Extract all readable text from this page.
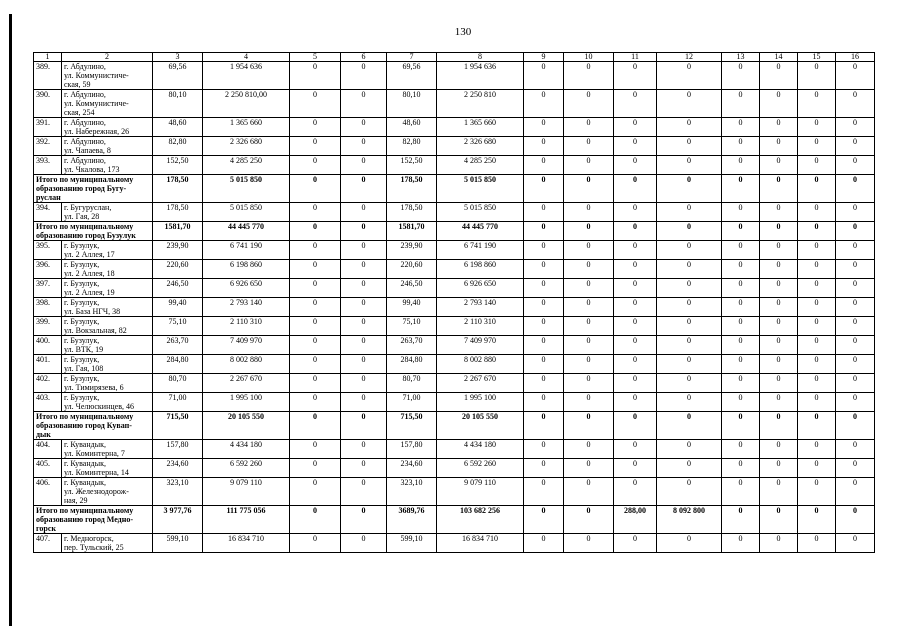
130
1	2	3	4	5	6	7	8	9	10	11	12	13	14	15	16
389.	г. Абдулино,
ул. Коммунистиче-
ская, 59	69,56	1 954 636	0	0	69,56	1 954 636	0	0	0	0	0	0	0	0
390.	г. Абдулино,
ул. Коммунистиче-
ская, 254	80,10	2 250 810,00	0	0	80,10	2 250 810	0	0	0	0	0	0	0	0
391.	г. Абдулино,
ул. Набережная, 26	48,60	1 365 660	0	0	48,60	1 365 660	0	0	0	0	0	0	0	0
392.	г. Абдулино,
ул. Чапаева, 8	82,80	2 326 680	0	0	82,80	2 326 680	0	0	0	0	0	0	0	0
393.	г. Абдулино,
ул. Чкалова, 173	152,50	4 285 250	0	0	152,50	4 285 250	0	0	0	0	0	0	0	0
Итого по муниципальному
образованию город Бугу-
руслан		178,50	5 015 850	0	0	178,50	5 015 850	0	0	0	0	0	0	0	0
394.	г. Бугуруслан,
ул. Гая, 28	178,50	5 015 850	0	0	178,50	5 015 850	0	0	0	0	0	0	0	0
Итого по муниципальному
образованию город Бузулук		1581,70	44 445 770	0	0	1581,70	44 445 770	0	0	0	0	0	0	0	0
395.	г. Бузулук,
ул. 2 Аллея, 17	239,90	6 741 190	0	0	239,90	6 741 190	0	0	0	0	0	0	0	0
396.	г. Бузулук,
ул. 2 Аллея, 18	220,60	6 198 860	0	0	220,60	6 198 860	0	0	0	0	0	0	0	0
397.	г. Бузулук,
ул. 2 Аллея, 19	246,50	6 926 650	0	0	246,50	6 926 650	0	0	0	0	0	0	0	0
398.	г. Бузулук,
ул. База НГЧ, 38	99,40	2 793 140	0	0	99,40	2 793 140	0	0	0	0	0	0	0	0
399.	г. Бузулук,
ул. Вокзальная, 82	75,10	2 110 310	0	0	75,10	2 110 310	0	0	0	0	0	0	0	0
400.	г. Бузулук,
ул. ВТК, 19	263,70	7 409 970	0	0	263,70	7 409 970	0	0	0	0	0	0	0	0
401.	г. Бузулук,
ул. Гая, 108	284,80	8 002 880	0	0	284,80	8 002 880	0	0	0	0	0	0	0	0
402.	г. Бузулук,
ул. Тимирязева, 6	80,70	2 267 670	0	0	80,70	2 267 670	0	0	0	0	0	0	0	0
403.	г. Бузулук,
ул. Челюскинцев, 46	71,00	1 995 100	0	0	71,00	1 995 100	0	0	0	0	0	0	0	0
Итого по муниципальному
образованию город Кувап-
дык		715,50	20 105 550	0	0	715,50	20 105 550	0	0	0	0	0	0	0	0
404.	г. Кувандык,
ул. Коминтерна, 7	157,80	4 434 180	0	0	157,80	4 434 180	0	0	0	0	0	0	0	0
405.	г. Кувандык,
ул. Коминтерна, 14	234,60	6 592 260	0	0	234,60	6 592 260	0	0	0	0	0	0	0	0
406.	г. Кувандык,
ул. Железнодорож-
ная, 29	323,10	9 079 110	0	0	323,10	9 079 110	0	0	0	0	0	0	0	0
Итого по муниципальному
образованию город Медно-
горск		3 977,76	111 775 056	0	0	3689,76	103 682 256	0	0	288,00	8 092 800	0	0	0	0
407.	г. Медногорск,
пер. Тульский, 25	599,10	16 834 710	0	0	599,10	16 834 710	0	0	0	0	0	0	0	0
